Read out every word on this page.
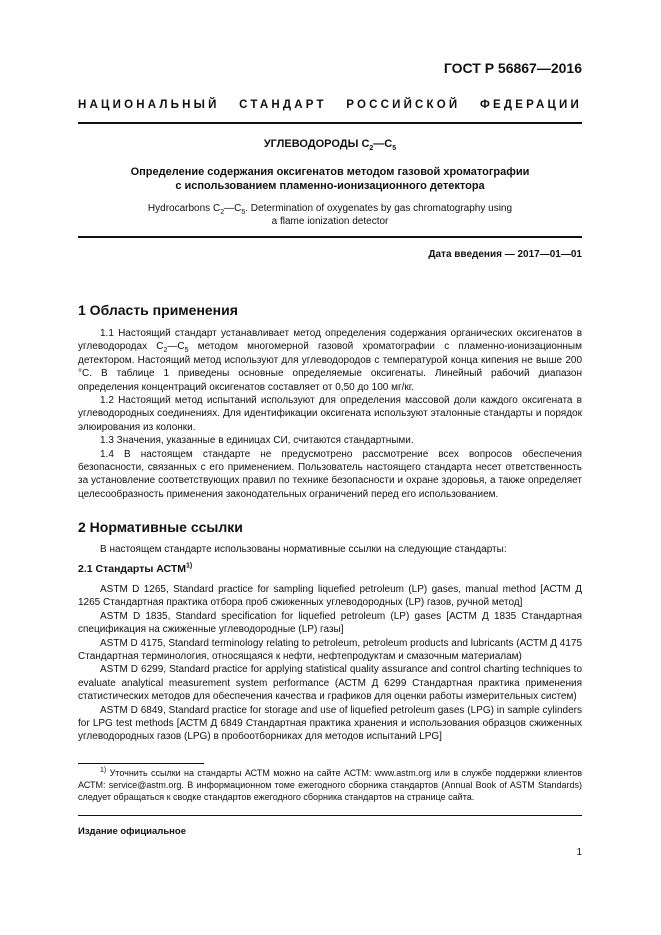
ГОСТ Р 56867—2016
НАЦИОНАЛЬНЫЙ СТАНДАРТ РОССИЙСКОЙ ФЕДЕРАЦИИ
УГЛЕВОДОРОДЫ $С_2—С_5$
Определение содержания оксигенатов методом газовой хроматографии
с использованием пламенно-ионизационного детектора
Hydrocarbons $C_2—C_5$. Determination of oxygenates by gas chromatography using
a flame ionization detector
Дата введения — 2017—01—01
1 Область применения

1.1 Настоящий стандарт устанавливает метод определения содержания органических оксигенатов в углеводородах $С_2—С_5$ методом многомерной газовой хроматографии с пламенно-ионизационным детектором. Настоящий метод используют для углеводородов с температурой конца кипения не выше 200 °С. В таблице 1 приведены основные определяемые оксигенаты. Линейный рабочий диапазон определения концентраций оксигенатов составляет от 0,50 до 100 мг/кг.

1.2 Настоящий метод испытаний используют для определения массовой доли каждого оксигената в углеводородных соединениях. Для идентификации оксигената используют эталонные стандарты и порядок элюирования из колонки.

1.3 Значения, указанные в единицах СИ, считаются стандартными.

1.4 В настоящем стандарте не предусмотрено рассмотрение всех вопросов обеспечения безопасности, связанных с его применением. Пользователь настоящего стандарта несет ответственность за установление соответствующих правил по технике безопасности и охране здоровья, а также определяет целесообразность применения законодательных ограничений перед его использованием.

2 Нормативные ссылки

В настоящем стандарте использованы нормативные ссылки на следующие стандарты:

2.1 Стандарты АСТМ$^{1)}$

ASTM D 1265, Standard practice for sampling liquefied petroleum (LP) gases, manual method [АСТМ Д 1265 Стандартная практика отбора проб сжиженных углеводородных (LP) газов, ручной метод]

ASTM D 1835, Standard specification for liquefied petroleum (LP) gases [АСТМ Д 1835 Стандартная спецификация на сжиженные углеводородные (LP) газы]

ASTM D 4175, Standard terminology relating to petroleum, petroleum products and lubricants (АСТМ Д 4175 Стандартная терминология, относящаяся к нефти, нефтепродуктам и смазочным материалам)

ASTM D 6299, Standard practice for applying statistical quality assurance and control charting techniques to evaluate analytical measurement system performance (АСТМ Д 6299 Стандартная практика применения статистических методов для обеспечения качества и графиков для оценки работы измерительных систем)

ASTM D 6849, Standard practice for storage and use of liquefied petroleum gases (LPG) in sample cylinders for LPG test methods [АСТМ Д 6849 Стандартная практика хранения и использования образцов сжиженных углеводородных газов (LPG) в пробоотборниках для методов испытаний LPG]

$^{1)}$ Уточнить ссылки на стандарты АСТМ можно на сайте АСТМ: www.astm.org или в службе поддержки клиентов АСТМ: service@astm.org. В информационном томе ежегодного сборника стандартов (Annual Book of ASTM Standards) следует обращаться к сводке стандартов ежегодного сборника стандартов на странице сайта.

Издание официальное
1
